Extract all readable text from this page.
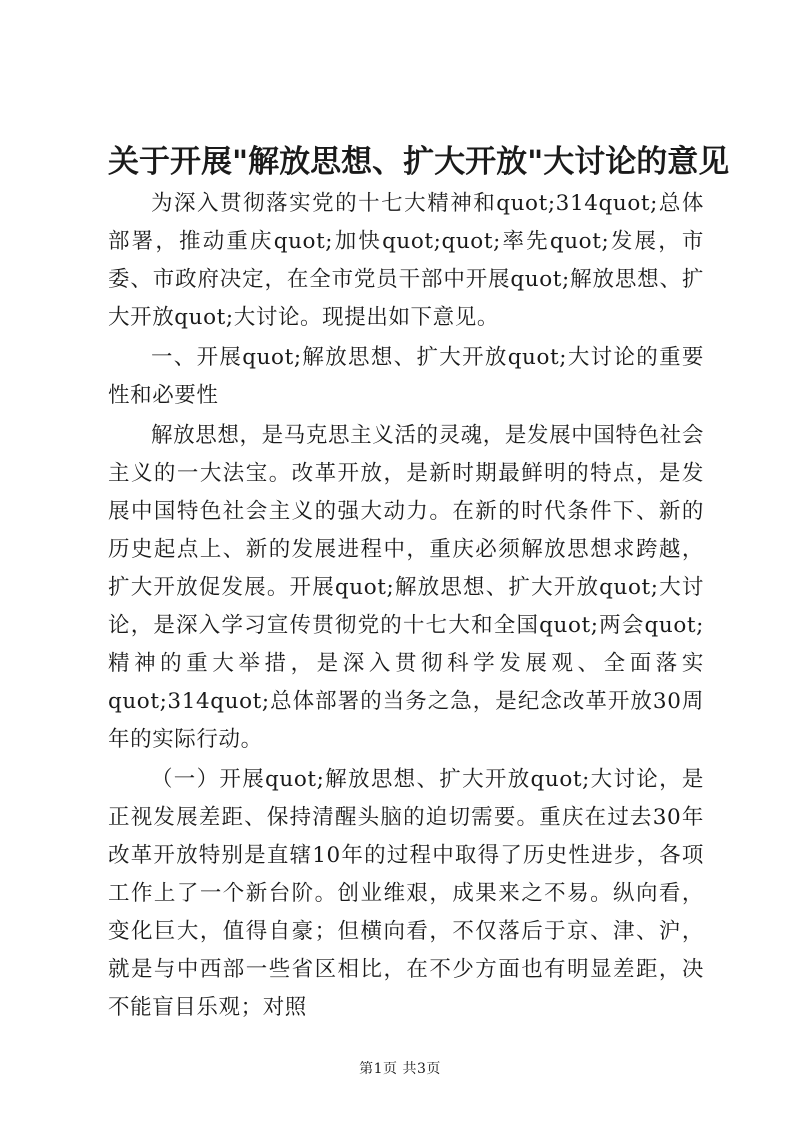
关于开展"解放思想、扩大开放"大讨论的意见

为深入贯彻落实党的十七大精神和quot;314quot;总体部署，推动重庆quot;加快quot;quot;率先quot;发展，市委、市政府决定，在全市党员干部中开展quot;解放思想、扩大开放quot;大讨论。现提出如下意见。

一、开展quot;解放思想、扩大开放quot;大讨论的重要性和必要性

解放思想，是马克思主义活的灵魂，是发展中国特色社会主义的一大法宝。改革开放，是新时期最鲜明的特点，是发展中国特色社会主义的强大动力。在新的时代条件下、新的历史起点上、新的发展进程中，重庆必须解放思想求跨越，扩大开放促发展。开展quot;解放思想、扩大开放quot;大讨论，是深入学习宣传贯彻党的十七大和全国quot;两会quot;精神的重大举措，是深入贯彻科学发展观、全面落实quot;314quot;总体部署的当务之急，是纪念改革开放30周年的实际行动。

（一）开展quot;解放思想、扩大开放quot;大讨论，是正视发展差距、保持清醒头脑的迫切需要。重庆在过去30年改革开放特别是直辖10年的过程中取得了历史性进步，各项工作上了一个新台阶。创业维艰，成果来之不易。纵向看，变化巨大，值得自豪；但横向看，不仅落后于京、津、沪，就是与中西部一些省区相比，在不少方面也有明显差距，决不能盲目乐观；对照

第1页 共3页
